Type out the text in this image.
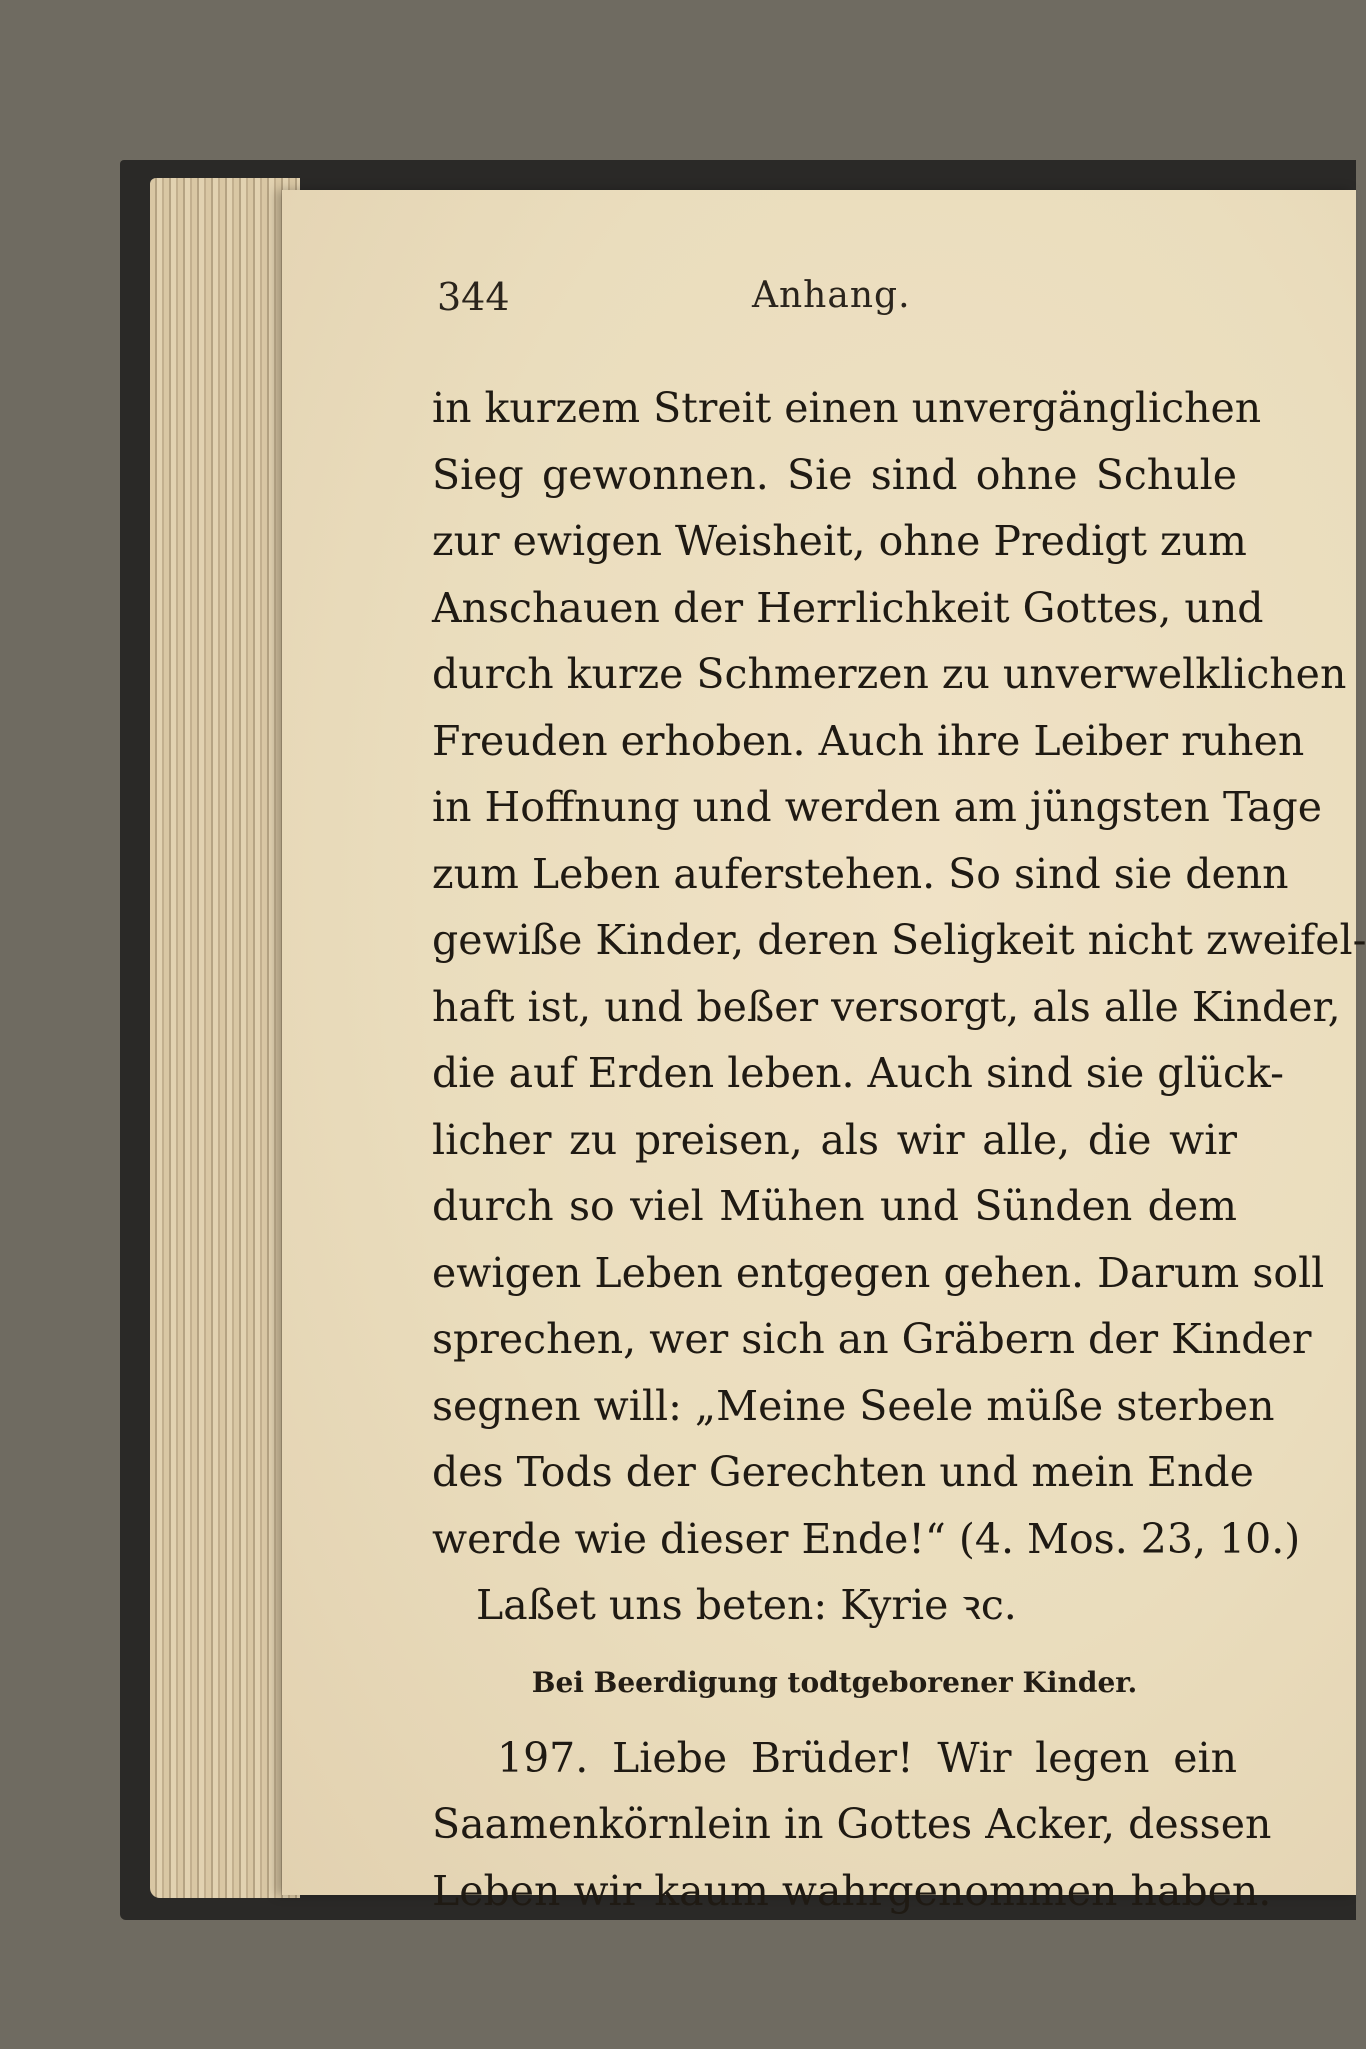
344	Anhang.
in kurzem Streit einen unvergänglichen
Sieg gewonnen. Sie sind ohne Schule
zur ewigen Weisheit, ohne Predigt zum
Anschauen der Herrlichkeit Gottes, und
durch kurze Schmerzen zu unverwelklichen
Freuden erhoben. Auch ihre Leiber ruhen
in Hoffnung und werden am jüngsten Tage
zum Leben auferstehen. So sind sie denn
gewiße Kinder, deren Seligkeit nicht zweifel-
haft ist, und beßer versorgt, als alle Kinder,
die auf Erden leben. Auch sind sie glück-
licher zu preisen, als wir alle, die wir
durch so viel Mühen und Sünden dem
ewigen Leben entgegen gehen. Darum soll
sprechen, wer sich an Gräbern der Kinder
segnen will: „Meine Seele müße sterben
des Tods der Gerechten und mein Ende
werde wie dieser Ende!“ (4. Mos. 23, 10.)
Laßet uns beten: Kyrie ꝛc.
Bei Beerdigung todtgeborener Kinder.
197. Liebe Brüder! Wir legen ein
Saamenkörnlein in Gottes Acker, dessen
Leben wir kaum wahrgenommen haben.
